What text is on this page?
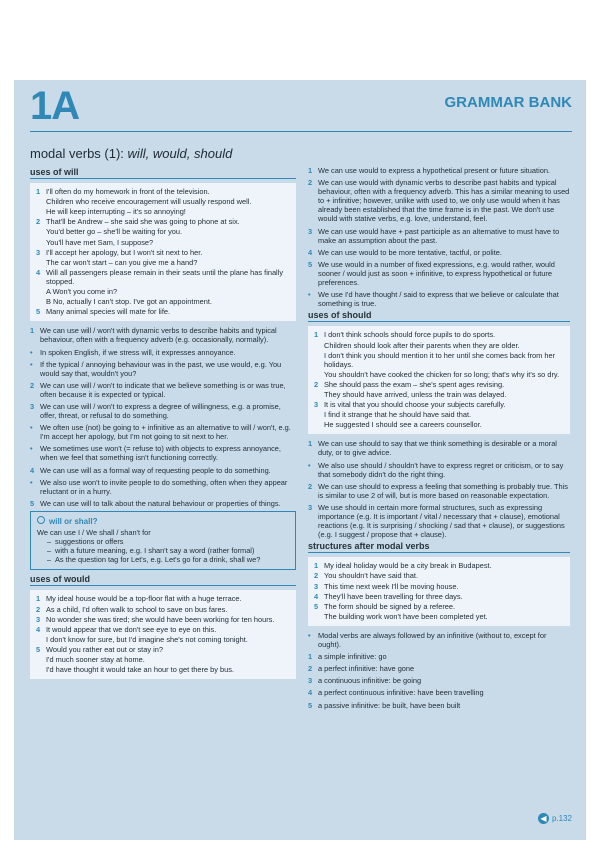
1A	GRAMMAR BANK
modal verbs (1): will, would, should
uses of will
1 I'll often do my homework in front of the television.
Children who receive encouragement will usually respond well.
He will keep interrupting – it's so annoying!
2 That'll be Andrew – she said she was going to phone at six.
You'd better go – she'll be waiting for you.
You'll have met Sam, I suppose?
3 I'll accept her apology, but I won't sit next to her.
The car won't start – can you give me a hand?
4 Will all passengers please remain in their seats until the plane has finally stopped.
A Won't you come in?
B No, actually I can't stop. I've got an appointment.
5 Many animal species will mate for life.
1 We can use will / won't with dynamic verbs to describe habits and typical behaviour, often with a frequency adverb (e.g. occasionally, normally).
• In spoken English, if we stress will, it expresses annoyance.
• If the typical / annoying behaviour was in the past, we use would, e.g. You would say that, wouldn't you?
2 We can use will / won't to indicate that we believe something is or was true, often because it is expected or typical.
3 We can use will / won't to express a degree of willingness, e.g. a promise, offer, threat, or refusal to do something.
• We often use (not) be going to + infinitive as an alternative to will / won't, e.g. I'm accept her apology, but I'm not going to sit next to her.
• We sometimes use won't (= refuse to) with objects to express annoyance, when we feel that something isn't functioning correctly.
4 We can use will as a formal way of requesting people to do something.
• We also use won't to invite people to do something, often when they appear reluctant or in a hurry.
5 We can use will to talk about the natural behaviour or properties of things.
will or shall?
We can use I / We shall / shan't for
– suggestions or offers
– with a future meaning, e.g. I shan't say a word (rather formal)
– As the question tag for Let's, e.g. Let's go for a drink, shall we?
uses of would
1 My ideal house would be a top-floor flat with a huge terrace.
2 As a child, I'd often walk to school to save on bus fares.
3 No wonder she was tired; she would have been working for ten hours.
4 It would appear that we don't see eye to eye on this.
I don't know for sure, but I'd imagine she's not coming tonight.
5 Would you rather eat out or stay in?
I'd much sooner stay at home.
I'd have thought it would take an hour to get there by bus.
1 We can use would to express a hypothetical present or future situation.
2 We can use would with dynamic verbs to describe past habits and typical behaviour, often with a frequency adverb. This has a similar meaning to used to + infinitive; however, unlike with used to, we only use would when it has already been established that the time frame is in the past. We don't use would with stative verbs, e.g. love, understand, feel.
3 We can use would have + past participle as an alternative to must have to make an assumption about the past.
4 We can use would to be more tentative, tactful, or polite.
5 We use would in a number of fixed expressions, e.g. would rather, would sooner / would just as soon + infinitive, to express hypothetical or future preferences.
• We use I'd have thought / said to express that we believe or calculate that something is true.
uses of should
1 I don't think schools should force pupils to do sports.
Children should look after their parents when they are older.
I don't think you should mention it to her until she comes back from her holidays.
You shouldn't have cooked the chicken for so long; that's why it's so dry.
2 She should pass the exam – she's spent ages revising.
They should have arrived, unless the train was delayed.
3 It is vital that you should choose your subjects carefully.
I find it strange that he should have said that.
He suggested I should see a careers counsellor.
1 We can use should to say that we think something is desirable or a moral duty, or to give advice.
• We also use should / shouldn't have to express regret or criticism, or to say that somebody didn't do the right thing.
2 We can use should to express a feeling that something is probably true. This is similar to use 2 of will, but is more based on reasonable expectation.
3 We use should in certain more formal structures, such as expressing importance (e.g. It is important / vital / necessary that + clause), emotional reactions (e.g. It is surprising / shocking / sad that + clause), or suggestions (e.g. I suggest / propose that + clause).
structures after modal verbs
1 My ideal holiday would be a city break in Budapest.
2 You shouldn't have said that.
3 This time next week I'll be moving house.
4 They'll have been travelling for three days.
5 The form should be signed by a referee.
The building work won't have been completed yet.
• Modal verbs are always followed by an infinitive (without to, except for ought).
1 a simple infinitive: go
2 a perfect infinitive: have gone
3 a continuous infinitive: be going
4 a perfect continuous infinitive: have been travelling
5 a passive infinitive: be built, have been built
◀ p.132
